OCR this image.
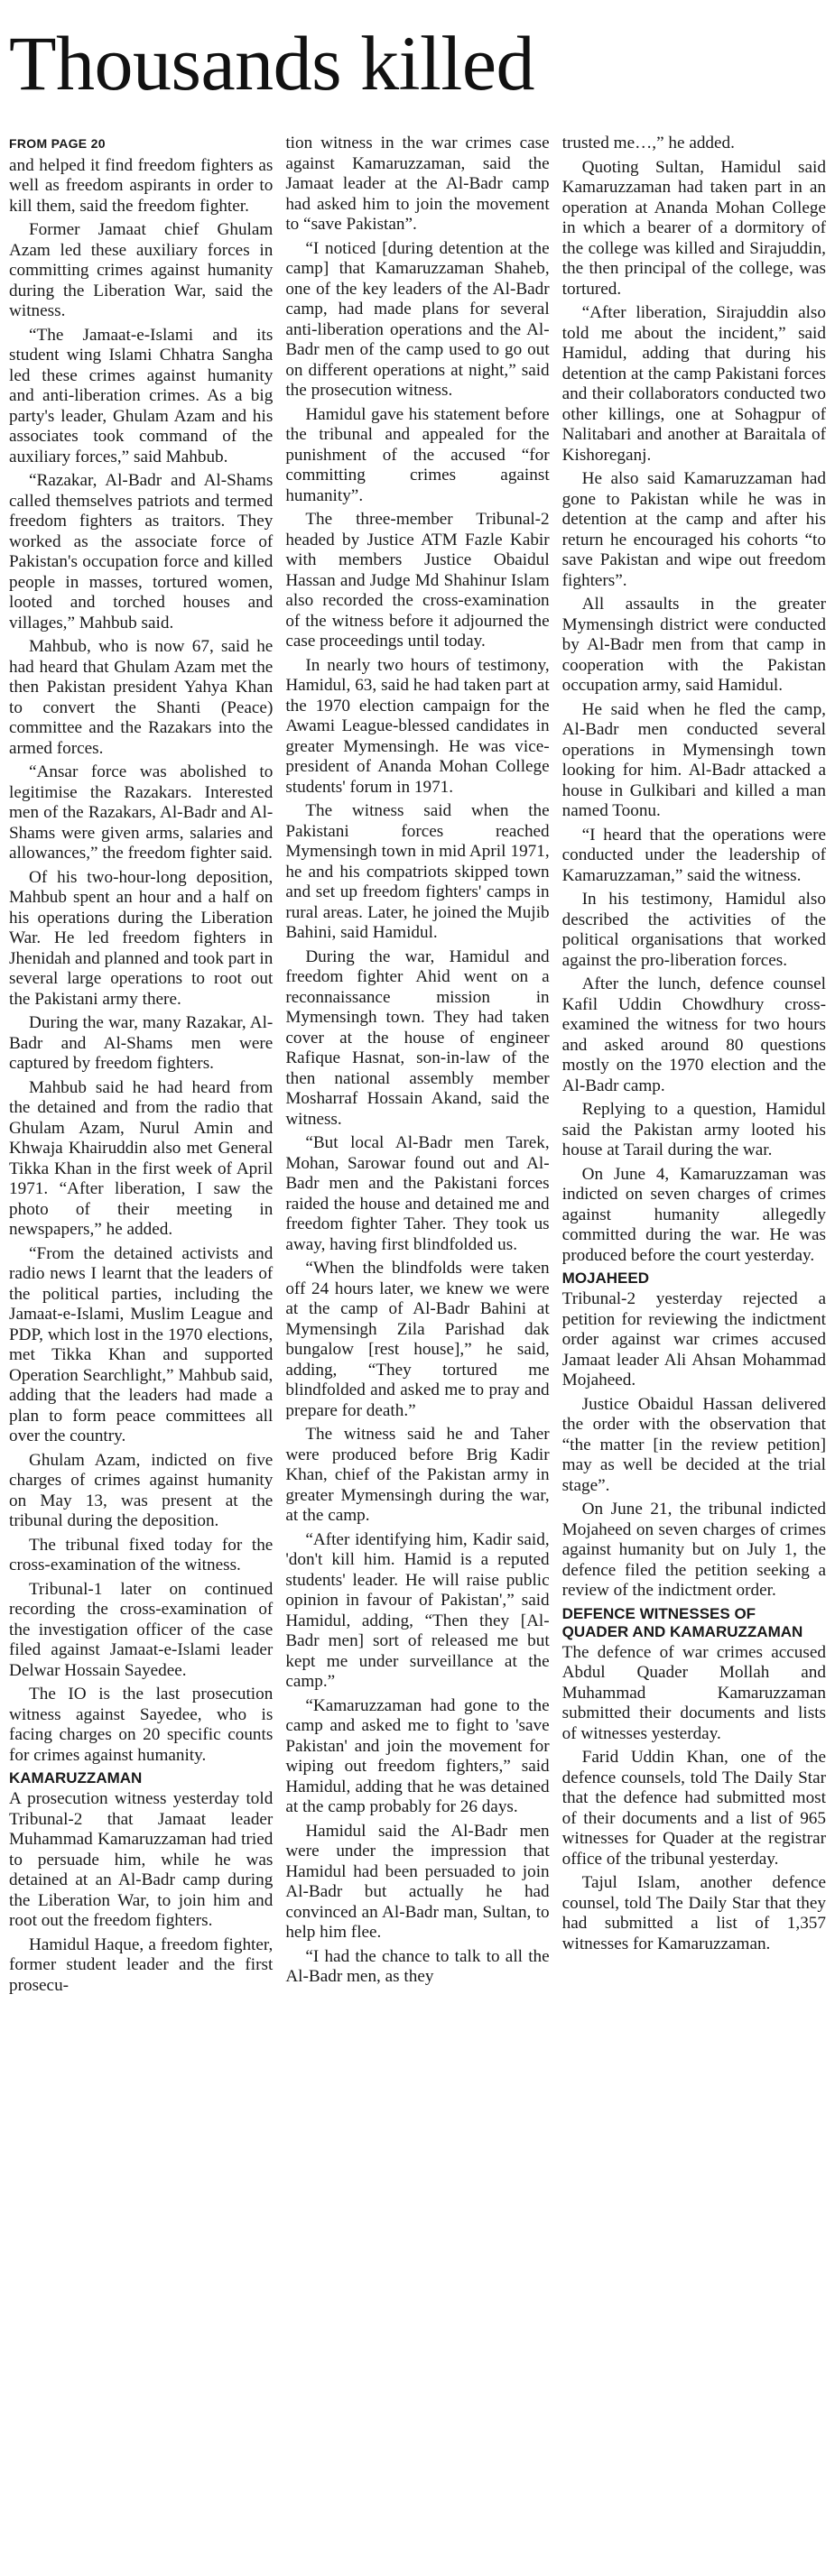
Thousands killed
FROM PAGE 20

and helped it find freedom fighters as well as freedom aspirants in order to kill them, said the freedom fighter.

Former Jamaat chief Ghulam Azam led these auxiliary forces in committing crimes against humanity during the Liberation War, said the witness.

“The Jamaat-e-Islami and its student wing Islami Chhatra Sangha led these crimes against humanity and anti-liberation crimes. As a big party's leader, Ghulam Azam and his associates took command of the auxiliary forces,” said Mahbub.

“Razakar, Al-Badr and Al-Shams called themselves patriots and termed freedom fighters as traitors. They worked as the associate force of Pakistan's occupation force and killed people in masses, tortured women, looted and torched houses and villages,” Mahbub said.

Mahbub, who is now 67, said he had heard that Ghulam Azam met the then Pakistan president Yahya Khan to convert the Shanti (Peace) committee and the Razakars into the armed forces.

“Ansar force was abolished to legitimise the Razakars. Interested men of the Razakars, Al-Badr and Al-Shams were given arms, salaries and allowances,” the freedom fighter said.

Of his two-hour-long deposition, Mahbub spent an hour and a half on his operations during the Liberation War. He led freedom fighters in Jhenidah and planned and took part in several large operations to root out the Pakistani army there.

During the war, many Razakar, Al-Badr and Al-Shams men were captured by freedom fighters.

Mahbub said he had heard from the detained and from the radio that Ghulam Azam, Nurul Amin and Khwaja Khairuddin also met General Tikka Khan in the first week of April 1971. “After liberation, I saw the photo of their meeting in newspapers,” he added.

“From the detained activists and radio news I learnt that the leaders of the political parties, including the Jamaat-e-Islami, Muslim League and PDP, which lost in the 1970 elections, met Tikka Khan and supported Operation Searchlight,” Mahbub said, adding that the leaders had made a plan to form peace committees all over the country.

Ghulam Azam, indicted on five charges of crimes against humanity on May 13, was present at the tribunal during the deposition.

The tribunal fixed today for the cross-examination of the witness.

Tribunal-1 later on continued recording the cross-examination of the investigation officer of the case filed against Jamaat-e-Islami leader Delwar Hossain Sayedee.

The IO is the last prosecution witness against Sayedee, who is facing charges on 20 specific counts for crimes against humanity.

KAMARUZZAMAN

A prosecution witness yesterday told Tribunal-2 that Jamaat leader Muhammad Kamaruzzaman had tried to persuade him, while he was detained at an Al-Badr camp during the Liberation War, to join him and root out the freedom fighters.

Hamidul Haque, a freedom fighter, former student leader and the first prosecu-

tion witness in the war crimes case against Kamaruzzaman, said the Jamaat leader at the Al-Badr camp had asked him to join the movement to “save Pakistan”.

“I noticed [during detention at the camp] that Kamaruzzaman Shaheb, one of the key leaders of the Al-Badr camp, had made plans for several anti-liberation operations and the Al-Badr men of the camp used to go out on different operations at night,” said the prosecution witness.

Hamidul gave his statement before the tribunal and appealed for the punishment of the accused “for committing crimes against humanity”.

The three-member Tribunal-2 headed by Justice ATM Fazle Kabir with members Justice Obaidul Hassan and Judge Md Shahinur Islam also recorded the cross-examination of the witness before it adjourned the case proceedings until today.

In nearly two hours of testimony, Hamidul, 63, said he had taken part at the 1970 election campaign for the Awami League-blessed candidates in greater Mymensingh. He was vice-president of Ananda Mohan College students' forum in 1971.

The witness said when the Pakistani forces reached Mymensingh town in mid April 1971, he and his compatriots skipped town and set up freedom fighters' camps in rural areas. Later, he joined the Mujib Bahini, said Hamidul.

During the war, Hamidul and freedom fighter Ahid went on a reconnaissance mission in Mymensingh town. They had taken cover at the house of engineer Rafique Hasnat, son-in-law of the then national assembly member Mosharraf Hossain Akand, said the witness.

“But local Al-Badr men Tarek, Mohan, Sarowar found out and Al-Badr men and the Pakistani forces raided the house and detained me and freedom fighter Taher. They took us away, having first blindfolded us.

“When the blindfolds were taken off 24 hours later, we knew we were at the camp of Al-Badr Bahini at Mymensingh Zila Parishad dak bungalow [rest house],” he said, adding, “They tortured me blindfolded and asked me to pray and prepare for death.”

The witness said he and Taher were produced before Brig Kadir Khan, chief of the Pakistan army in greater Mymensingh during the war, at the camp.

“After identifying him, Kadir said, 'don't kill him. Hamid is a reputed students' leader. He will raise public opinion in favour of Pakistan',” said Hamidul, adding, “Then they [Al-Badr men] sort of released me but kept me under surveillance at the camp.”

“Kamaruzzaman had gone to the camp and asked me to fight to 'save Pakistan' and join the movement for wiping out freedom fighters,” said Hamidul, adding that he was detained at the camp probably for 26 days.

Hamidul said the Al-Badr men were under the impression that Hamidul had been persuaded to join Al-Badr but actually he had convinced an Al-Badr man, Sultan, to help him flee.

“I had the chance to talk to all the Al-Badr men, as they

trusted me…,” he added.

Quoting Sultan, Hamidul said Kamaruzzaman had taken part in an operation at Ananda Mohan College in which a bearer of a dormitory of the college was killed and Sirajuddin, the then principal of the college, was tortured.

“After liberation, Sirajuddin also told me about the incident,” said Hamidul, adding that during his detention at the camp Pakistani forces and their collaborators conducted two other killings, one at Sohagpur of Nalitabari and another at Baraitala of Kishoreganj.

He also said Kamaruzzaman had gone to Pakistan while he was in detention at the camp and after his return he encouraged his cohorts “to save Pakistan and wipe out freedom fighters”.

All assaults in the greater Mymensingh district were conducted by Al-Badr men from that camp in cooperation with the Pakistan occupation army, said Hamidul.

He said when he fled the camp, Al-Badr men conducted several operations in Mymensingh town looking for him. Al-Badr attacked a house in Gulkibari and killed a man named Toonu.

“I heard that the operations were conducted under the leadership of Kamaruzzaman,” said the witness.

In his testimony, Hamidul also described the activities of the political organisations that worked against the pro-liberation forces.

After the lunch, defence counsel Kafil Uddin Chowdhury cross-examined the witness for two hours and asked around 80 questions mostly on the 1970 election and the Al-Badr camp.

Replying to a question, Hamidul said the Pakistan army looted his house at Tarail during the war.

On June 4, Kamaruzzaman was indicted on seven charges of crimes against humanity allegedly committed during the war. He was produced before the court yesterday.

MOJAHEED

Tribunal-2 yesterday rejected a petition for reviewing the indictment order against war crimes accused Jamaat leader Ali Ahsan Mohammad Mojaheed.

Justice Obaidul Hassan delivered the order with the observation that “the matter [in the review petition] may as well be decided at the trial stage”.

On June 21, the tribunal indicted Mojaheed on seven charges of crimes against humanity but on July 1, the defence filed the petition seeking a review of the indictment order.

DEFENCE WITNESSES OF QUADER AND KAMARUZZAMAN

The defence of war crimes accused Abdul Quader Mollah and Muhammad Kamaruzzaman submitted their documents and lists of witnesses yesterday.

Farid Uddin Khan, one of the defence counsels, told The Daily Star that the defence had submitted most of their documents and a list of 965 witnesses for Quader at the registrar office of the tribunal yesterday.

Tajul Islam, another defence counsel, told The Daily Star that they had submitted a list of 1,357 witnesses for Kamaruzzaman.
